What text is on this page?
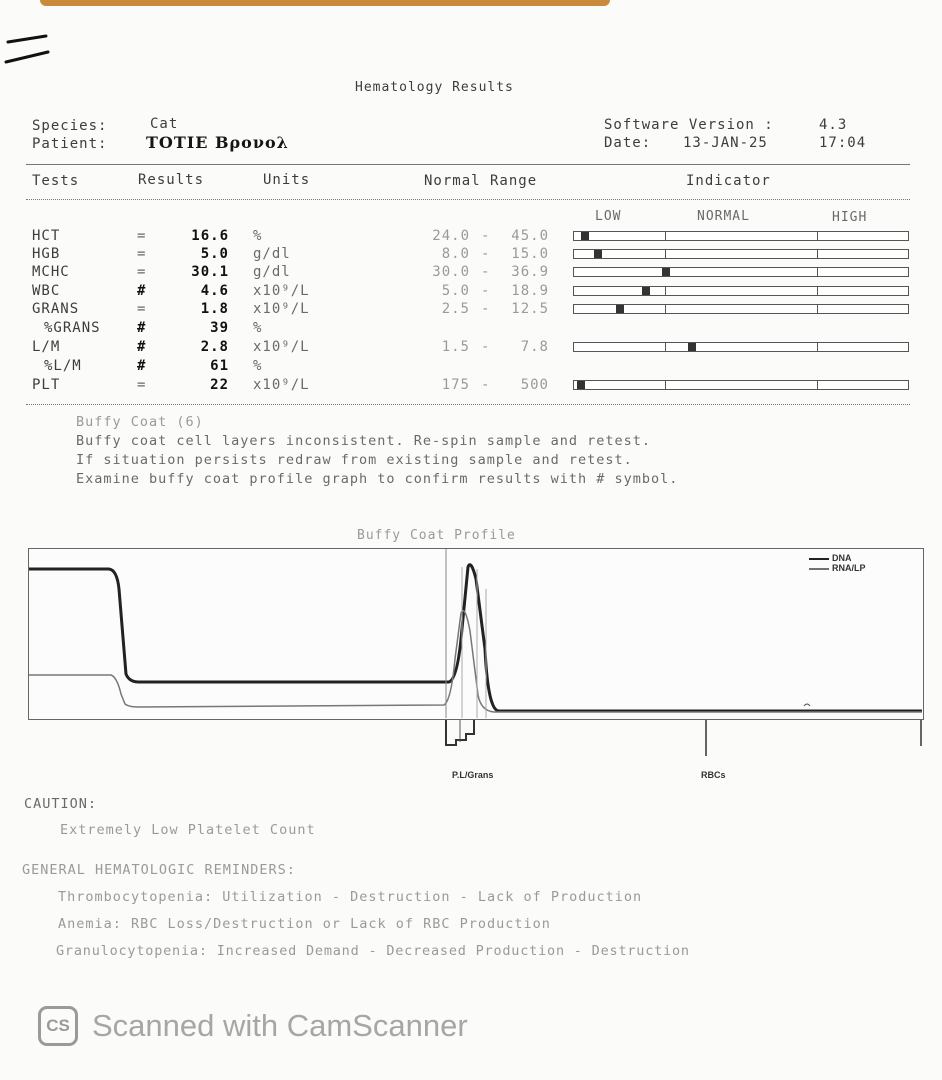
Hematology Results
Species:	Cat
Patient: TOTIE Βρονολ
Software Version :	4.3
Date: 13-JAN-25	17:04
Tests	Results	Units	Normal Range	Indicator
LOW	NORMAL	HIGH
HCT	=	16.6 %	24.0 - 45.0
HGB	=	5.0 g/dl	8.0 - 15.0
MCHC	=	30.1 g/dl	30.0 - 36.9
WBC	#	4.6 x10⁹/L	5.0 - 18.9
GRANS	=	1.8 x10⁹/L	2.5 - 12.5
%GRANS	#	39 %
L/M	#	2.8 x10⁹/L	1.5 - 7.8
%L/M	#	61 %
PLT	=	22 x10⁹/L	175 - 500
Buffy Coat (6)
Buffy coat cell layers inconsistent. Re-spin sample and retest.
If situation persists redraw from existing sample and retest.
Examine buffy coat profile graph to confirm results with # symbol.
Buffy Coat Profile
DNA
RNA/LP
P.L/Grans	RBCs
CAUTION:
Extremely Low Platelet Count
GENERAL HEMATOLOGIC REMINDERS:
Thrombocytopenia: Utilization - Destruction - Lack of Production
Anemia: RBC Loss/Destruction or Lack of RBC Production
Granulocytopenia: Increased Demand - Decreased Production - Destruction
CS Scanned with CamScanner
